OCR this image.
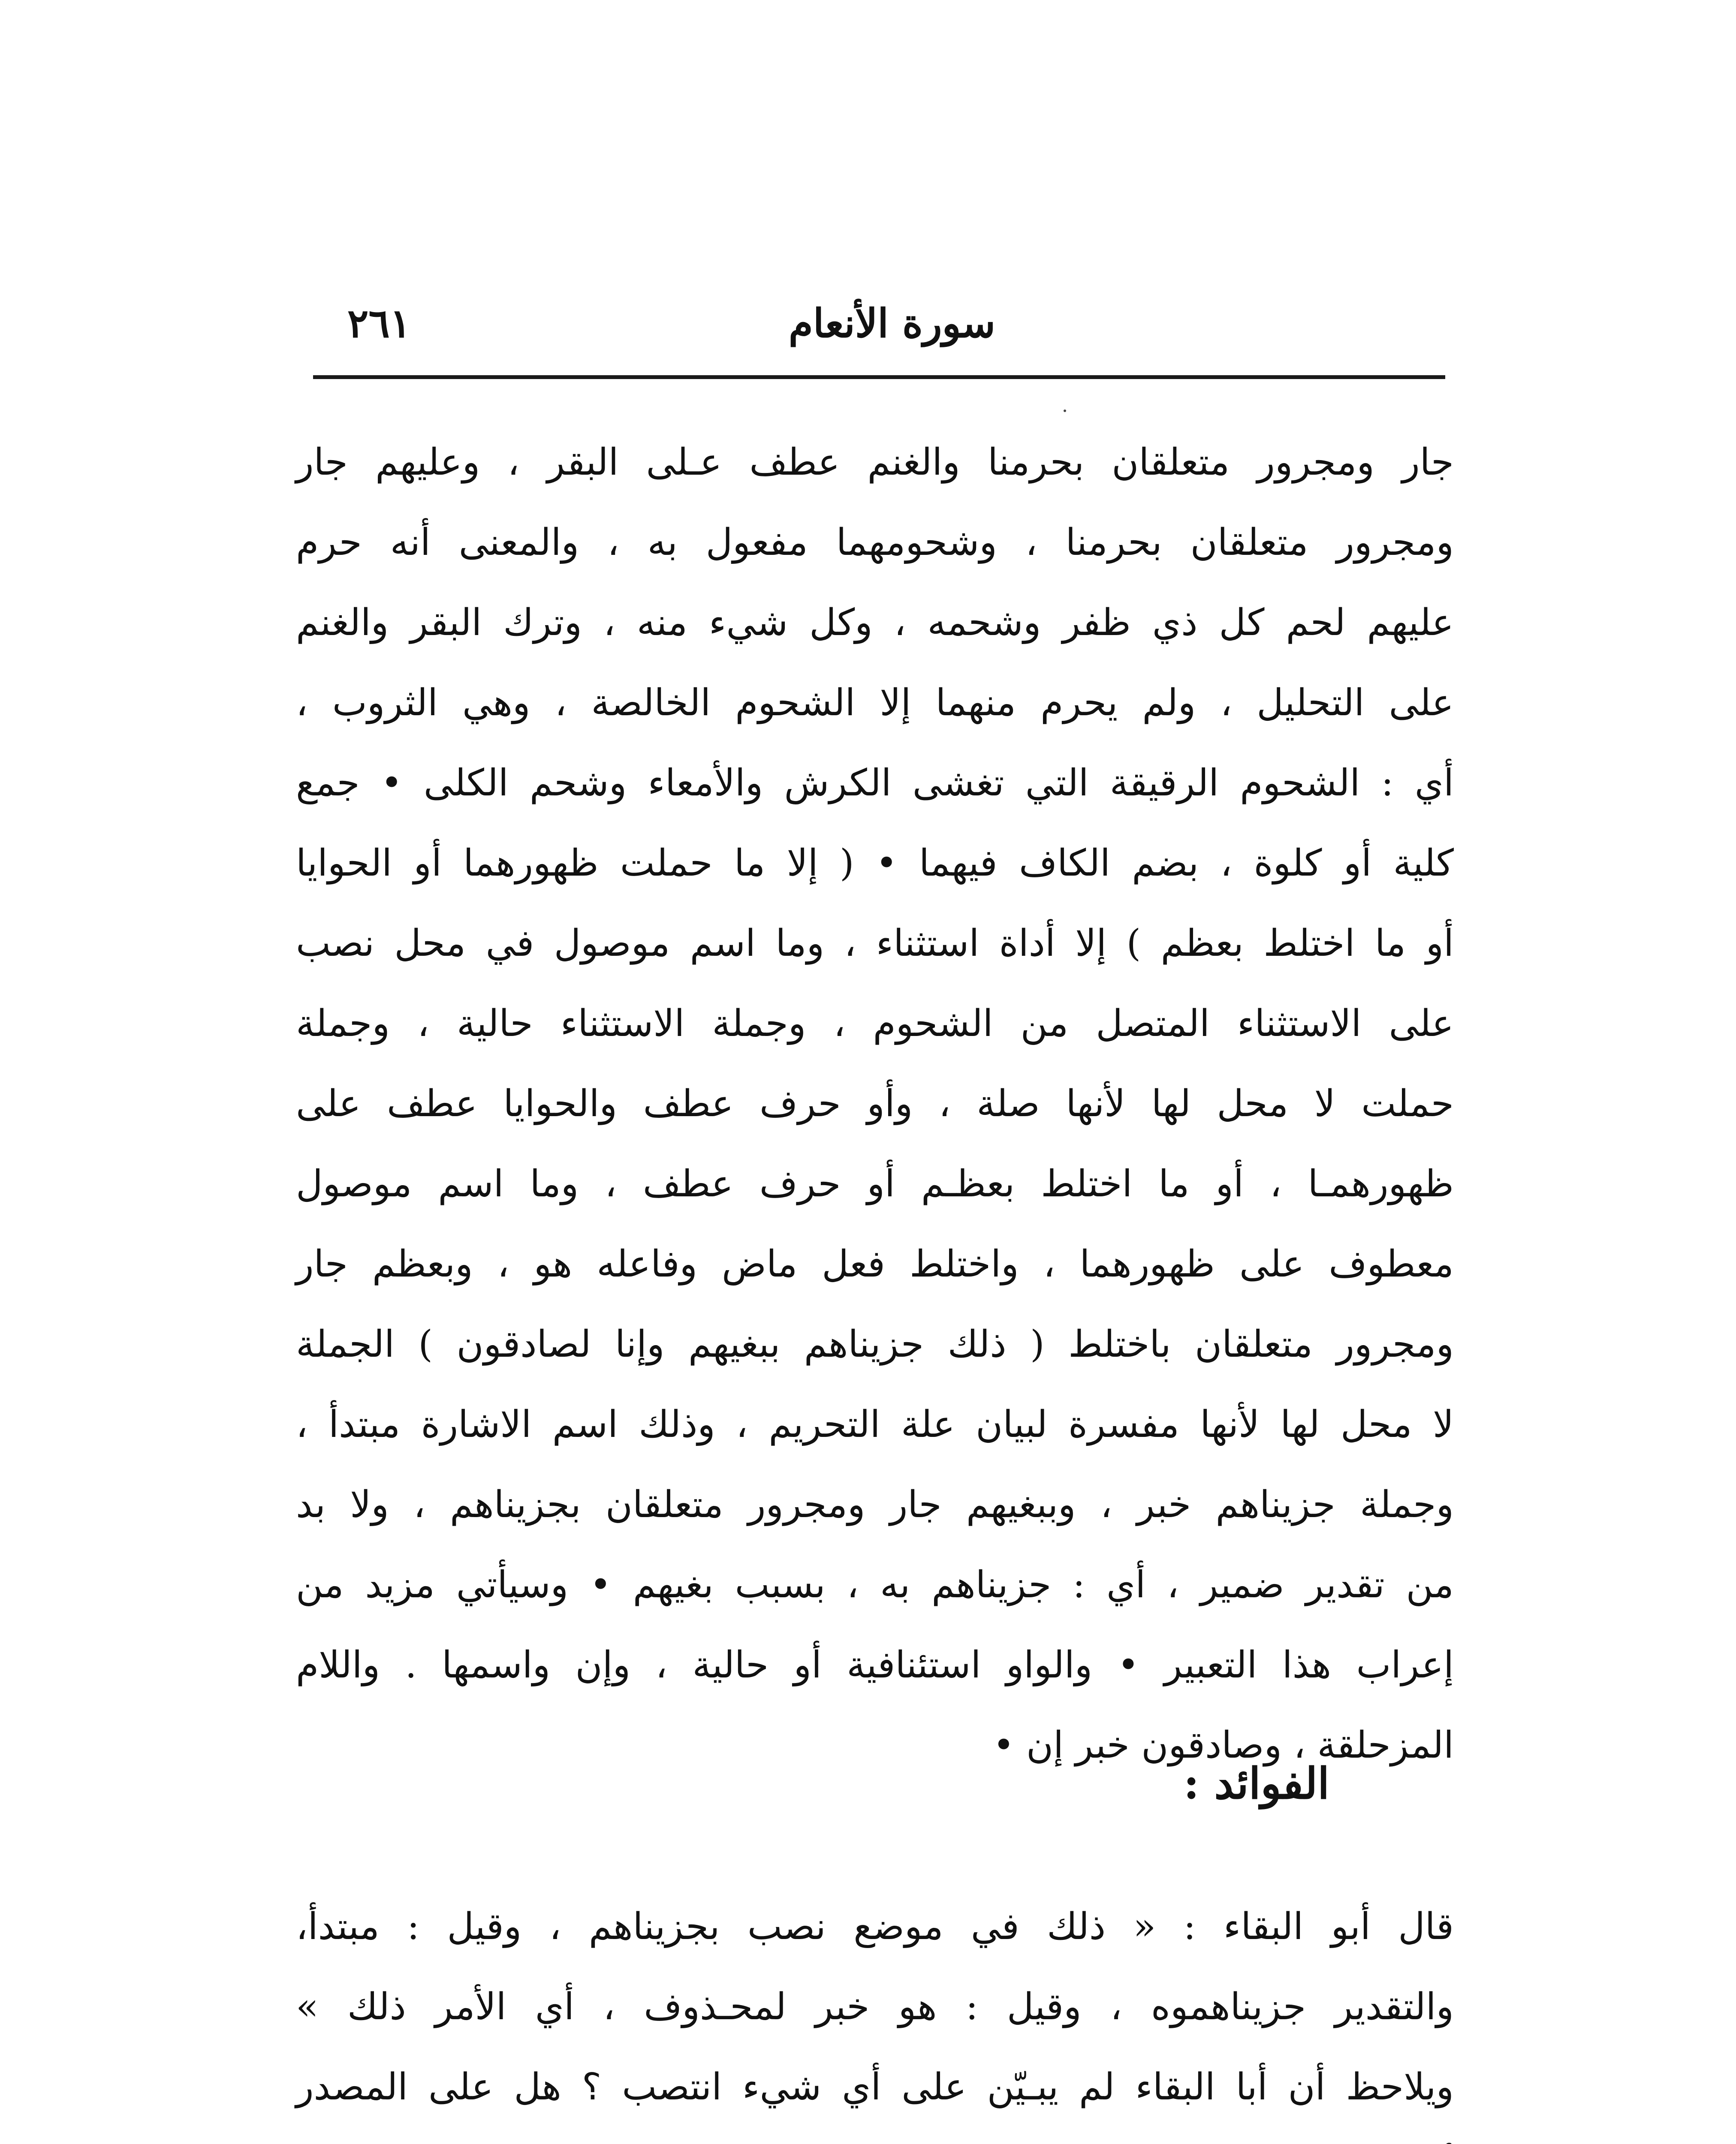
٢٦١	سورة الأنعام
جار ومجرور متعلقان بحرمنا والغنم عطف عـلى البقر ، وعليهم جار
ومجرور متعلقان بحرمنا ، وشحومهما مفعول به ، والمعنى أنه حرم
عليهم لحم كل ذي ظفر وشحمه ، وكل شيء منه ، وترك البقر والغنم
على التحليل ، ولم يحرم منهما إلا الشحوم الخالصة ، وهي الثروب ،
أي : الشحوم الرقيقة التي تغشى الكرش والأمعاء وشحم الكلى • جمع
كلية أو كلوة ، بضم الكاف فيهما • ( إلا ما حملت ظهورهما أو الحوايا
أو ما اختلط بعظم ) إلا أداة استثناء ، وما اسم موصول في محل نصب
على الاستثناء المتصل من الشحوم ، وجملة الاستثناء حالية ، وجملة
حملت لا محل لها لأنها صلة ، وأو حرف عطف والحوايا عطف على
ظهورهمـا ، أو ما اختلط بعظـم أو حرف عطف ، وما اسم موصول
معطوف على ظهورهما ، واختلط فعل ماض وفاعله هو ، وبعظم جار
ومجرور متعلقان باختلط ( ذلك جزيناهم ببغيهم وإنا لصادقون ) الجملة
لا محل لها لأنها مفسرة لبيان علة التحريم ، وذلك اسم الاشارة مبتدأ ،
وجملة جزيناهم خبر ، وببغيهم جار ومجرور متعلقان بجزيناهم ، ولا بد
من تقدير ضمير ، أي : جزيناهم به ، بسبب بغيهم • وسيأتي مزيد من
إعراب هذا التعبير • والواو استئنافية أو حالية ، وإن واسمها . واللام
المزحلقة ، وصادقون خبر إن •
الفوائد :
قال أبو البقاء : « ذلك في موضع نصب بجزيناهم ، وقيل : مبتدأ،
والتقدير جزيناهموه ، وقيل : هو خبر لمحـذوف ، أي الأمر ذلك »
ويلاحظ أن أبا البقاء لم يبـيّن على أي شيء انتصب ؟ هل على المصدر
